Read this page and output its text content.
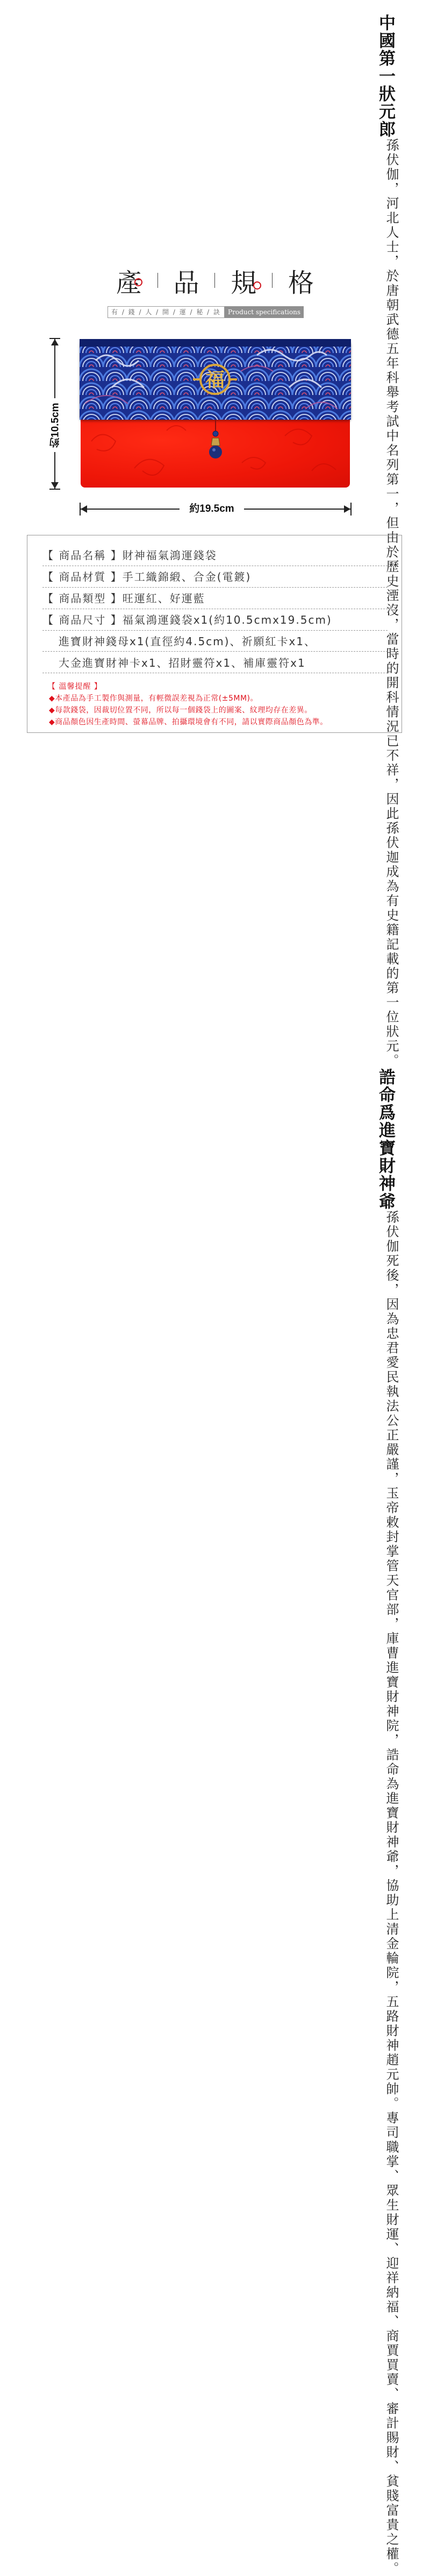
中國第一狀元郎
孫伏伽，河北人士，於唐朝武德五年
科舉考試中名列第一，但由於歷史湮
沒，當時的開科情況已不祥，因此孫
伏迦成為有史籍記載的第一位狀元。
誥命爲進寶財神爺
孫伏伽死後，因為忠君愛民執法公正
嚴謹，玉帝敕封掌管天官部，庫曹進
寶財神院，誥命為進寶財神爺，協助
上清金輪院，五路財神趙元帥。
專司職掌、眾生財運、迎祥納福、商
賈買賣、審計賜財、貧賤富貴之權。
產	品	規	格
有 / 錢 / 人 / 開 / 運 / 秘 / 訣	Product specifications
福
約10.5cm
約19.5cm
【 商品名稱 】財神福氣鴻運錢袋
【 商品材質 】手工織錦緞、合金(電鍍)
【 商品類型 】旺運紅、好運藍
【 商品尺寸 】福氣鴻運錢袋x1(約10.5cmx19.5cm)
進寶財神錢母x1(直徑約4.5cm)、祈願紅卡x1、
大金進寶財神卡x1、招財靈符x1、補庫靈符x1
【 溫馨提醒 】
◆本產品為手工製作與測量，有輕微誤差視為正常(±5MM)。
◆每款錢袋，因裁切位置不同，所以每一個錢袋上的圖案、紋理均存在差異。
◆商品顏色因生產時間、螢幕品牌、拍攝環境會有不同，請以實際商品顏色為準。
